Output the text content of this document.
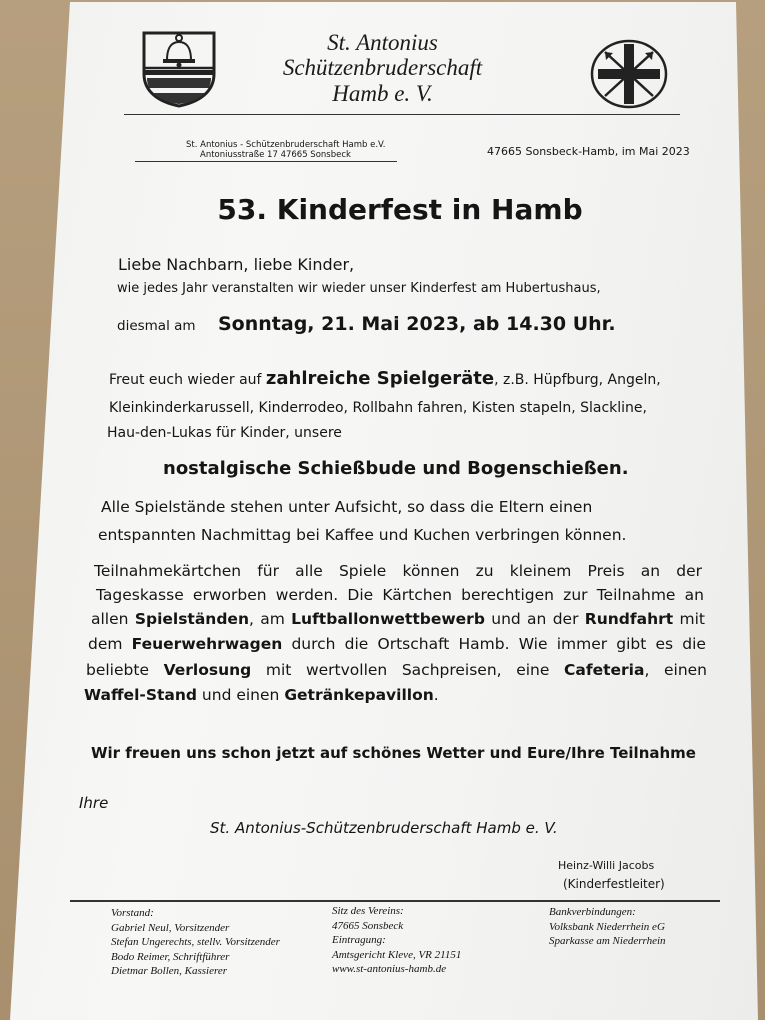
St. Antonius
Schützenbruderschaft
Hamb e. V.
St. Antonius - Schützenbruderschaft Hamb e.V.
Antoniusstraße 17 47665 Sonsbeck	47665 Sonsbeck-Hamb, im Mai 2023
53. Kinderfest in Hamb
Liebe Nachbarn, liebe Kinder,
wie jedes Jahr veranstalten wir wieder unser Kinderfest am Hubertushaus,
diesmal am Sonntag, 21. Mai 2023, ab 14.30 Uhr.
Freut euch wieder auf zahlreiche Spielgeräte, z.B. Hüpfburg, Angeln,
Kleinkinderkarussell, Kinderrodeo, Rollbahn fahren, Kisten stapeln, Slackline,
Hau-den-Lukas für Kinder, unsere
nostalgische Schießbude und Bogenschießen.
Alle Spielstände stehen unter Aufsicht, so dass die Eltern einen
entspannten Nachmittag bei Kaffee und Kuchen verbringen können.
Teilnahmekärtchen für alle Spiele können zu kleinem Preis an der
Tageskasse erworben werden. Die Kärtchen berechtigen zur Teilnahme an
allen Spielständen, am Luftballonwettbewerb und an der Rundfahrt mit
dem Feuerwehrwagen durch die Ortschaft Hamb. Wie immer gibt es die
beliebte Verlosung mit wertvollen Sachpreisen, eine Cafeteria, einen
Waffel-Stand und einen Getränkepavillon.
Wir freuen uns schon jetzt auf schönes Wetter und Eure/Ihre Teilnahme
Ihre
St. Antonius-Schützenbruderschaft Hamb e. V.
Heinz-Willi Jacobs
(Kinderfestleiter)
Vorstand:
Gabriel Neul, Vorsitzender
Stefan Ungerechts, stellv. Vorsitzender
Bodo Reimer, Schriftführer
Dietmar Bollen, Kassierer
Sitz des Vereins:
47665 Sonsbeck
Eintragung:
Amtsgericht Kleve, VR 21151
www.st-antonius-hamb.de
Bankverbindungen:
Volksbank Niederrhein eG
Sparkasse am Niederrhein
